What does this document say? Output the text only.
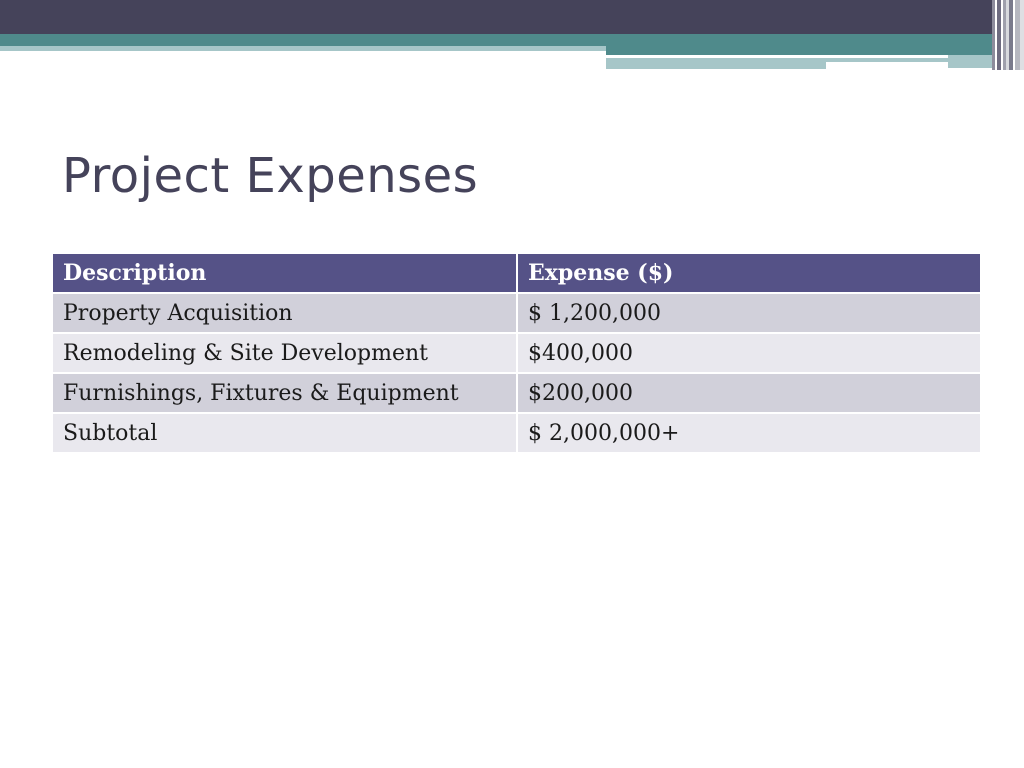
Project Expenses
Description	Expense ($)
Property Acquisition	$ 1,200,000
Remodeling & Site Development	$400,000
Furnishings, Fixtures & Equipment	$200,000
Subtotal	$ 2,000,000+
